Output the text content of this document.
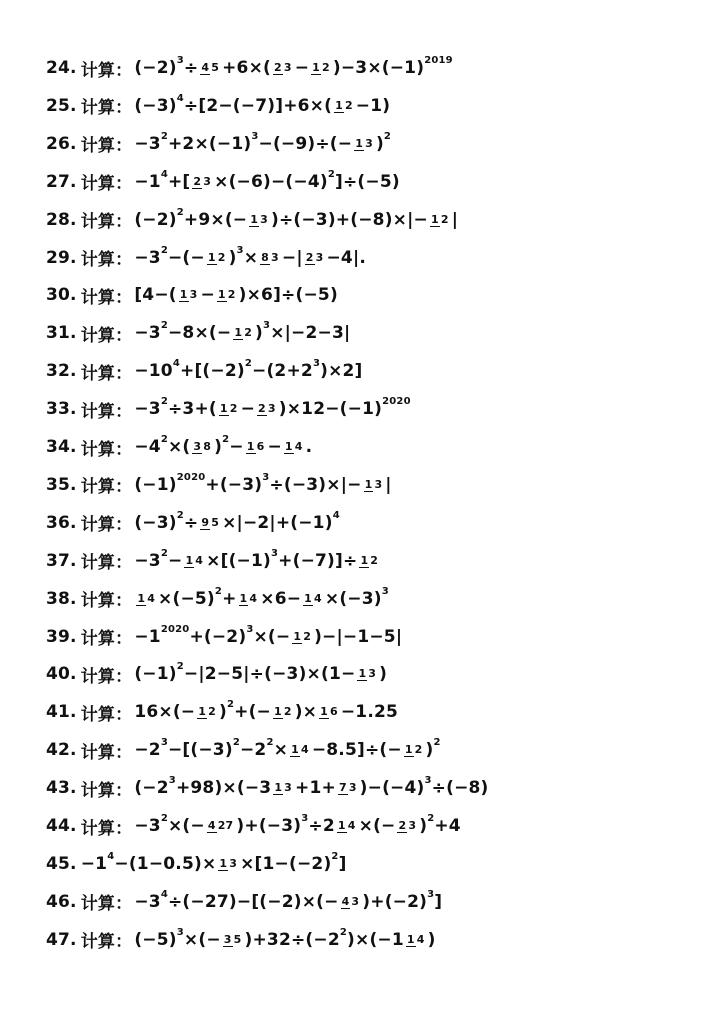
24. 计算： $(-2)^3 \div 4$ 5 +6×( 2 3 − 1 2 )$-3\times(-1)^{2019}$
25. 计算： $(-3)^4 \div[2-(-7)]+6\times$( 1 2 −1)
26. 计算： $-3^2 +2\times(-1)^3 -(-9)\div(- 1$ 3 )$^2$
27. 计算： $-1^4$ +[ 2 $3 \times(-6)-(-4)^2$ ]÷(−5)
28. 计算： $(-2)^2 +9\times(- 1$ 3 )÷(−3)+(−8)×|− 1 2 |
29. 计算： $-3^2$ −(− 1 2 )$^3$ × 8 3 −| 2 3 −4|.
30. 计算： [4−( 1 3 − 1 2 )×6]÷(−5)
31. 计算： $-3^2 -8\times(- 1$ 2 )$^3$ ×|−2−3|
32. 计算： $-10^4 +[(-2)^2 -(2+2^3$ )×2]
33. 计算： $-3^2 \div 3+$( 1 2 − 2 3 )$\times 12-(-1)^{2020}$
34. 计算： $-4^2$ ×( 3 8 )$^2$ − 1 6 − 1 4 .
35. 计算： $(-1)^{2020} +(-3)^3 \div(-3)\times|- 1$ 3 |
36. 计算： $(-3)^2 \div 9$ $5 \times|-2|+(-1)^4$
37. 计算： $-3^2 - 1$ $4 \times[(-1)^3 +(-7)]\div 1$ 2
38. 计算： 1 $4 \times(-5)^2 + 1$ 4 ×6− 1 $4 \times(-3)^3$
39. 计算： $-1^{2020} +(-2)^3$ ×(− 1 2 )−|−1−5|
40. 计算： $(-1)^2 -|2-5|\div(-3)\times(1- 1$ 3 )
41. 计算： 16×(− 1 2 )$^2$ +(− 1 2 )× 1 6 −1.25
42. 计算： $-2^3 -[(-3)^2 -2^2 \times 1$ 4 −8.5]÷(− 1 2 )$^2$
43. 计算： $(-2^3 +98)\times(-3$ 1 3 +1+ 7 3 )$-(-4)^3 \div(-8)$
44. 计算： $-3^2$ ×(− 4 27 )$+(-3)^3 \div 2$ 1 4 ×(− 2 3 )$^2$ +4
45. $-1^4 -(1-0.5)\times 1$ $3 \times[1-(-2)^2$ ]
46. 计算： $-3^4 \div(-27)-[(-2)\times(- 4$ 3 )$+(-2)^3$ ]
47. 计算： $(-5)^3$ ×(− 3 5 )$+32\div(-2^2$ )×(−1 1 4 )
